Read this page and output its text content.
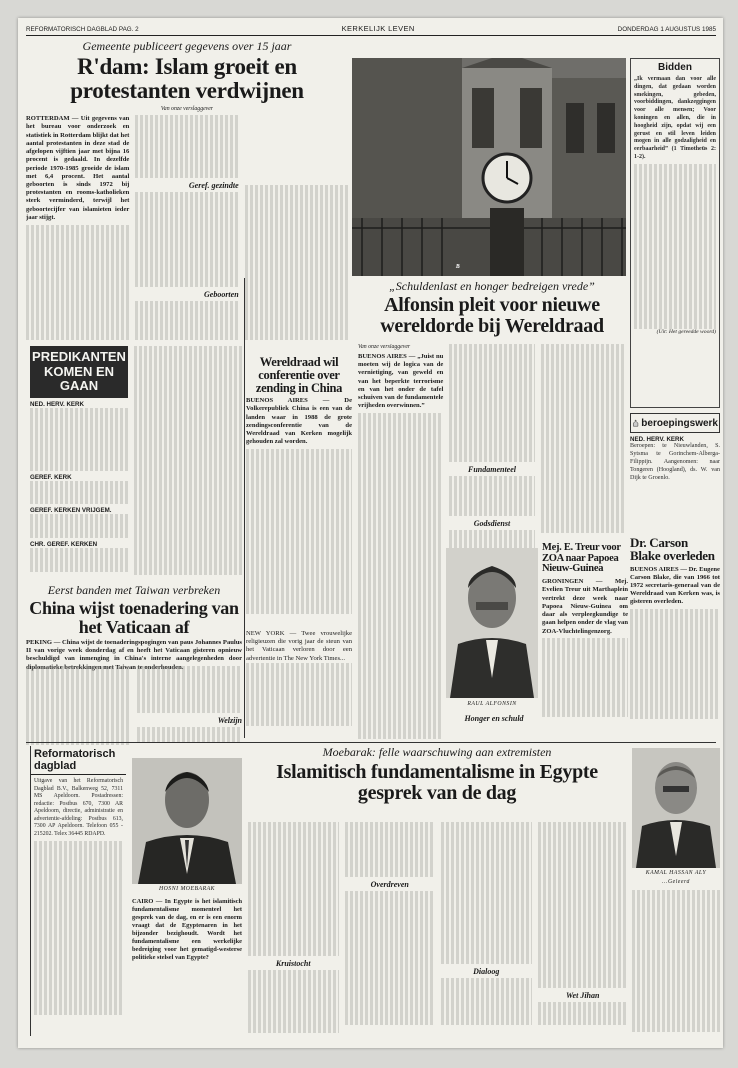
REFORMATORISCH DAGBLAD PAG. 2	KERKELIJK LEVEN	DONDERDAG 1 AUGUSTUS 1985
Gemeente publiceert gegevens over 15 jaar
R'dam: Islam groeit en protestanten verdwijnen
Van onze verslaggever
ROTTERDAM — Uit gegevens van het bureau voor onderzoek en statistiek in Rotterdam blijkt dat het aantal protestanten in deze stad de afgelopen vijftien jaar met bijna 16 procent is gedaald. In dezelfde periode 1970-1985 groeide de islam met 6,4 procent. Het aantal geboorten is sinds 1972 bij protestanten en rooms-katholieken sterk verminderd, terwijl het geboortecijfer van islamieten ieder jaar stijgt.
Geref. gezindte
Geboorten
B
Bidden
„Ik vermaan dan voor alle dingen, dat gedaan worden smekingen, gebeden, voorbiddingen, dankzeggingen voor alle mensen; Voor koningen en allen, die in hoogheid zijn, opdat wij een gerust en stil leven leiden mogen in alle godzaligheid en eerbaarheid” (1 Timotheüs 2: 1-2).
(Uit: Het gereedde woord)
beroepingswerk
NED. HERV. KERK
Beroepen: te Nieuwlanden, S. Sytsma te Gorinchem-Alberga-Filippijn. Aangenomen: naar Tongeren (Hoogland), ds. W. van Dijk te Groenlo.
Dr. Carson Blake overleden
BUENOS AIRES — Dr. Eugene Carson Blake, die van 1966 tot 1972 secretaris-generaal van de Wereldraad van Kerken was, is gisteren overleden.
PREDIKANTEN KOMEN EN GAAN
NED. HERV. KERK
GEREF. KERK
GEREF. KERKEN VRIJGEM.
CHR. GEREF. KERKEN
Wereldraad wil conferentie over zending in China
BUENOS AIRES — De Volkerepubliek China is een van de landen waar in 1988 de grote zendingsconferentie van de Wereldraad van Kerken mogelijk gehouden zal worden.
„Schuldenlast en honger bedreigen vrede”
Alfonsin pleit voor nieuwe wereldorde bij Wereldraad
Van onze verslaggever
BUENOS AIRES — „Juist nu moeten wij de logica van de vernietiging, van geweld en van het beperkte terrorisme en van het onder de tafel schuiven van de fundamentele vrijheden overwinnen.”
Fundamenteel
Godsdienst
RAUL ALFONSIN
Honger en schuld
Eerst banden met Taiwan verbreken
China wijst toenadering van het Vaticaan af
PEKING — China wijst de toenaderingspogingen van paus Johannes Paulus II van vorige week donderdag af en heeft het Vaticaan gisteren opnieuw beschuldigd van inmenging in China's interne aangelegenheden door diplomatieke betrekkingen met Taiwan te onderhouden.
Welzijn
NEW YORK — Twee vrouwelijke religieuzen die vorig jaar de steun van het Vaticaan verloren door een advertentie in The New York Times...
Mej. E. Treur voor ZOA naar Papoea Nieuw-Guinea
GRONINGEN — Mej. Evelien Treur uit Marthaplein vertrekt deze week naar Papoea Nieuw-Guinea om daar als verpleegkundige te gaan helpen onder de vlag van ZOA-Vluchtelingenzorg.
Moebarak: felle waarschuwing aan extremisten
Islamitisch fundamentalisme in Egypte gesprek van de dag
Reformatorisch dagblad
Uitgave van het Reformatorisch Dagblad B.V., Balkenweg 52, 7311 MS Apeldoorn. Postadressen: redactie: Postbus 670, 7300 AR Apeldoorn, directie, administratie en advertentie-afdeling: Postbus 613, 7300 AP Apeldoorn. Telefoon 055 - 215202. Telex 36445 RDAPD.
HOSNI MOEBARAK
CAIRO — In Egypte is het islamitisch fundamentalisme momenteel het gesprek van de dag, en er is een enorm vraagt dat de Egyptenaren in het bijzonder bezighoudt. Wordt het fundamentalisme een werkelijke bedreiging voor het gematigd-westerse politieke stelsel van Egypte?
Kruistocht
Overdreven
Dialoog
Wet Jihan
KAMAL HASSAN ALY
...Geleerd
